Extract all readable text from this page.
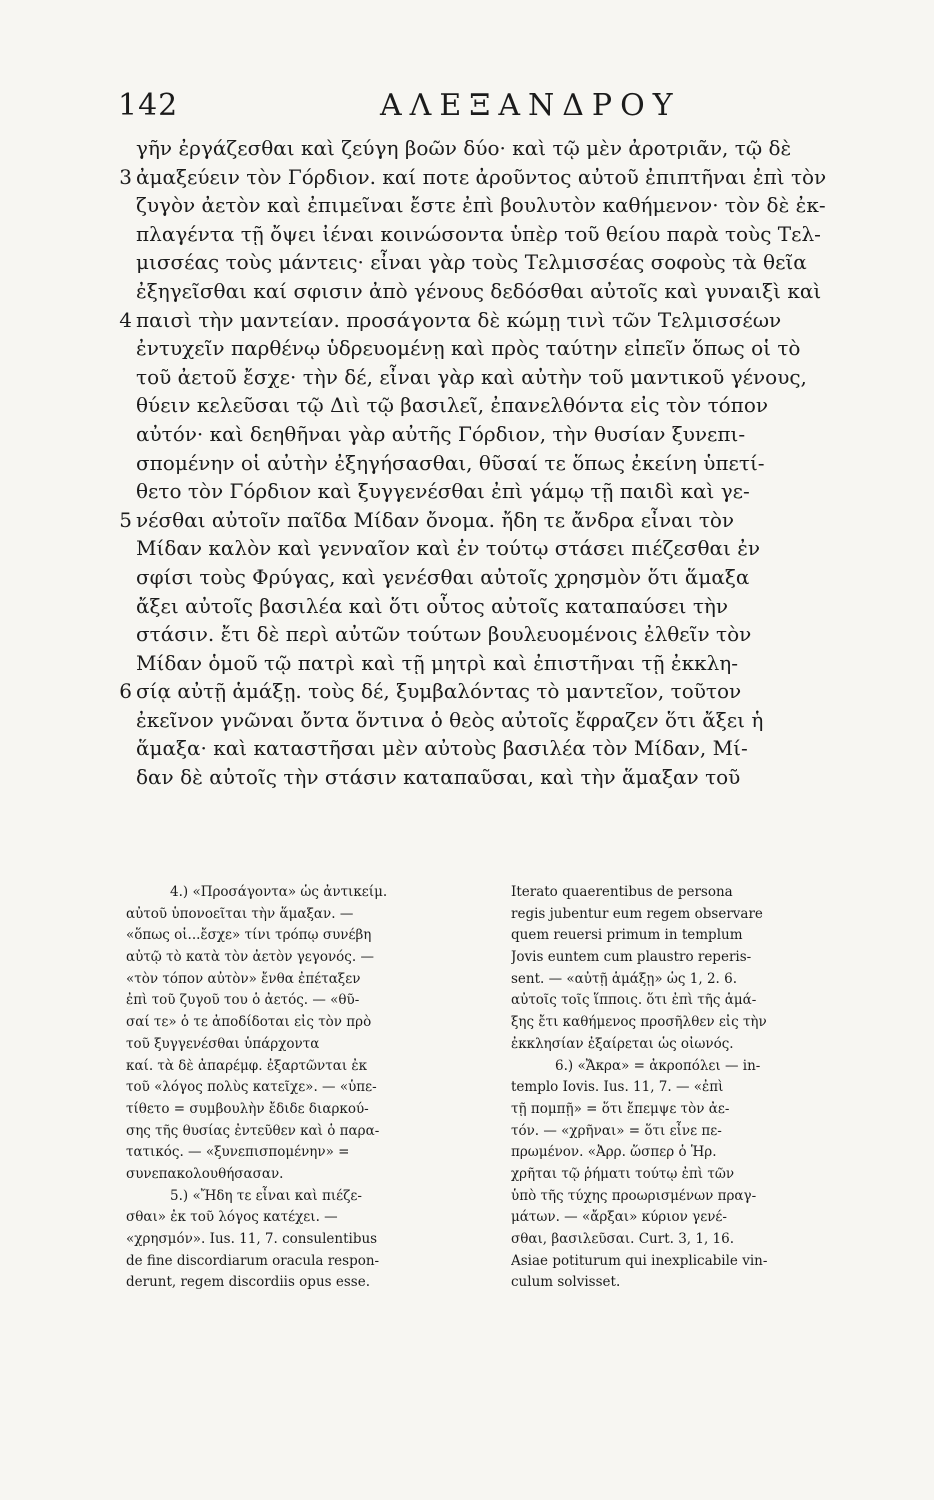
142	ΑΛΕΞΑΝΔΡΟΥ
γῆν ἐργάζεσθαι καὶ ζεύγη βοῶν δύο· καὶ τῷ μὲν ἀροτριᾶν, τῷ δὲ
3 ἀμαξεύειν τὸν Γόρδιον. καί ποτε ἀροῦντος αὐτοῦ ἐπιπτῆναι ἐπὶ τὸν
ζυγὸν ἀετὸν καὶ ἐπιμεῖναι ἔστε ἐπὶ βουλυτὸν καθήμενον· τὸν δὲ ἐκ-
πλαγέντα τῇ ὄψει ἰέναι κοινώσοντα ὑπὲρ τοῦ θείου παρὰ τοὺς Τελ-
μισσέας τοὺς μάντεις· εἶναι γὰρ τοὺς Τελμισσέας σοφοὺς τὰ θεῖα
ἐξηγεῖσθαι καί σφισιν ἀπὸ γένους δεδόσθαι αὐτοῖς καὶ γυναιξὶ καὶ
4 παισὶ τὴν μαντείαν. προσάγοντα δὲ κώμῃ τινὶ τῶν Τελμισσέων
ἐντυχεῖν παρθένῳ ὑδρευομένῃ καὶ πρὸς ταύτην εἰπεῖν ὅπως οἱ τὸ
τοῦ ἀετοῦ ἔσχε· τὴν δέ, εἶναι γὰρ καὶ αὐτὴν τοῦ μαντικοῦ γένους,
θύειν κελεῦσαι τῷ Διὶ τῷ βασιλεῖ, ἐπανελθόντα εἰς τὸν τόπον
αὐτόν· καὶ δεηθῆναι γὰρ αὐτῆς Γόρδιον, τὴν θυσίαν ξυνεπι-
σπομένην οἱ αὐτὴν ἐξηγήσασθαι, θῦσαί τε ὅπως ἐκείνη ὑπετί-
θετο τὸν Γόρδιον καὶ ξυγγενέσθαι ἐπὶ γάμῳ τῇ παιδὶ καὶ γε-
5 νέσθαι αὐτοῖν παῖδα Μίδαν ὄνομα. ἤδη τε ἄνδρα εἶναι τὸν
Μίδαν καλὸν καὶ γενναῖον καὶ ἐν τούτῳ στάσει πιέζεσθαι ἐν
σφίσι τοὺς Φρύγας, καὶ γενέσθαι αὐτοῖς χρησμὸν ὅτι ἅμαξα
ἄξει αὐτοῖς βασιλέα καὶ ὅτι οὗτος αὐτοῖς καταπαύσει τὴν
στάσιν. ἔτι δὲ περὶ αὐτῶν τούτων βουλευομένοις ἐλθεῖν τὸν
Μίδαν ὁμοῦ τῷ πατρὶ καὶ τῇ μητρὶ καὶ ἐπιστῆναι τῇ ἐκκλη-
6 σίᾳ αὐτῇ ἁμάξῃ. τοὺς δέ, ξυμβαλόντας τὸ μαντεῖον, τοῦτον
ἐκεῖνον γνῶναι ὄντα ὅντινα ὁ θεὸς αὐτοῖς ἔφραζεν ὅτι ἄξει ἡ
ἅμαξα· καὶ καταστῆσαι μὲν αὐτοὺς βασιλέα τὸν Μίδαν, Μί-
δαν δὲ αὐτοῖς τὴν στάσιν καταπαῦσαι, καὶ τὴν ἅμαξαν τοῦ
4.) «Προσάγοντα» ὡς ἀντικείμ.
αὐτοῦ ὑπονοεῖται τὴν ἅμαξαν. —
«ὅπως οἱ...ἔσχε» τίνι τρόπῳ συνέβη
αὐτῷ τὸ κατὰ τὸν ἀετὸν γεγονός. —
«τὸν τόπον αὐτὸν» ἔνθα ἐπέταξεν
ἐπὶ τοῦ ζυγοῦ του ὁ ἀετός. — «θῦ-
σαί τε» ὁ τε ἀποδίδοται εἰς τὸν πρὸ
τοῦ ξυγγενέσθαι ὑπάρχοντα
καί. τὰ δὲ ἀπαρέμφ. ἐξαρτῶνται ἐκ
τοῦ «λόγος πολὺς κατεῖχε». — «ὑπε-
τίθετο = συμβουλὴν ἔδιδε διαρκού-
σης τῆς θυσίας ἐντεῦθεν καὶ ὁ παρα-
τατικός. — «ξυνεπισπομένην» =
συνεπακολουθήσασαν.
5.) «Ἤδη τε εἶναι καὶ πιέζε-
σθαι» ἐκ τοῦ λόγος κατέχει. —
«χρησμόν». Ius. 11, 7. consulentibus
de fine discordiarum oracula respon-
derunt, regem discordiis opus esse.
Iterato quaerentibus de persona
regis jubentur eum regem observare
quem reuersi primum in templum
Jovis euntem cum plaustro reperis-
sent. — «αὐτῇ ἁμάξῃ» ὡς 1, 2. 6.
αὐτοῖς τοῖς ἵπποις. ὅτι ἐπὶ τῆς ἁμά-
ξης ἔτι καθήμενος προσῆλθεν εἰς τὴν
ἐκκλησίαν ἐξαίρεται ὡς οἰωνός.
6.) «Ἄκρα» = ἀκροπόλει — in-
templo Iovis. Ius. 11, 7. — «ἐπὶ
τῇ πομπῇ» = ὅτι ἔπεμψε τὸν ἀε-
τόν. — «χρῆναι» = ὅτι εἶνε πε-
πρωμένον. «Ἀρρ. ὥσπερ ὁ Ἡρ.
χρῆται τῷ ῥήματι τούτῳ ἐπὶ τῶν
ὑπὸ τῆς τύχης προωρισμένων πραγ-
μάτων. — «ἄρξαι» κύριον γενέ-
σθαι, βασιλεῦσαι. Curt. 3, 1, 16.
Asiae potiturum qui inexplicabile vin-
culum solvisset.
